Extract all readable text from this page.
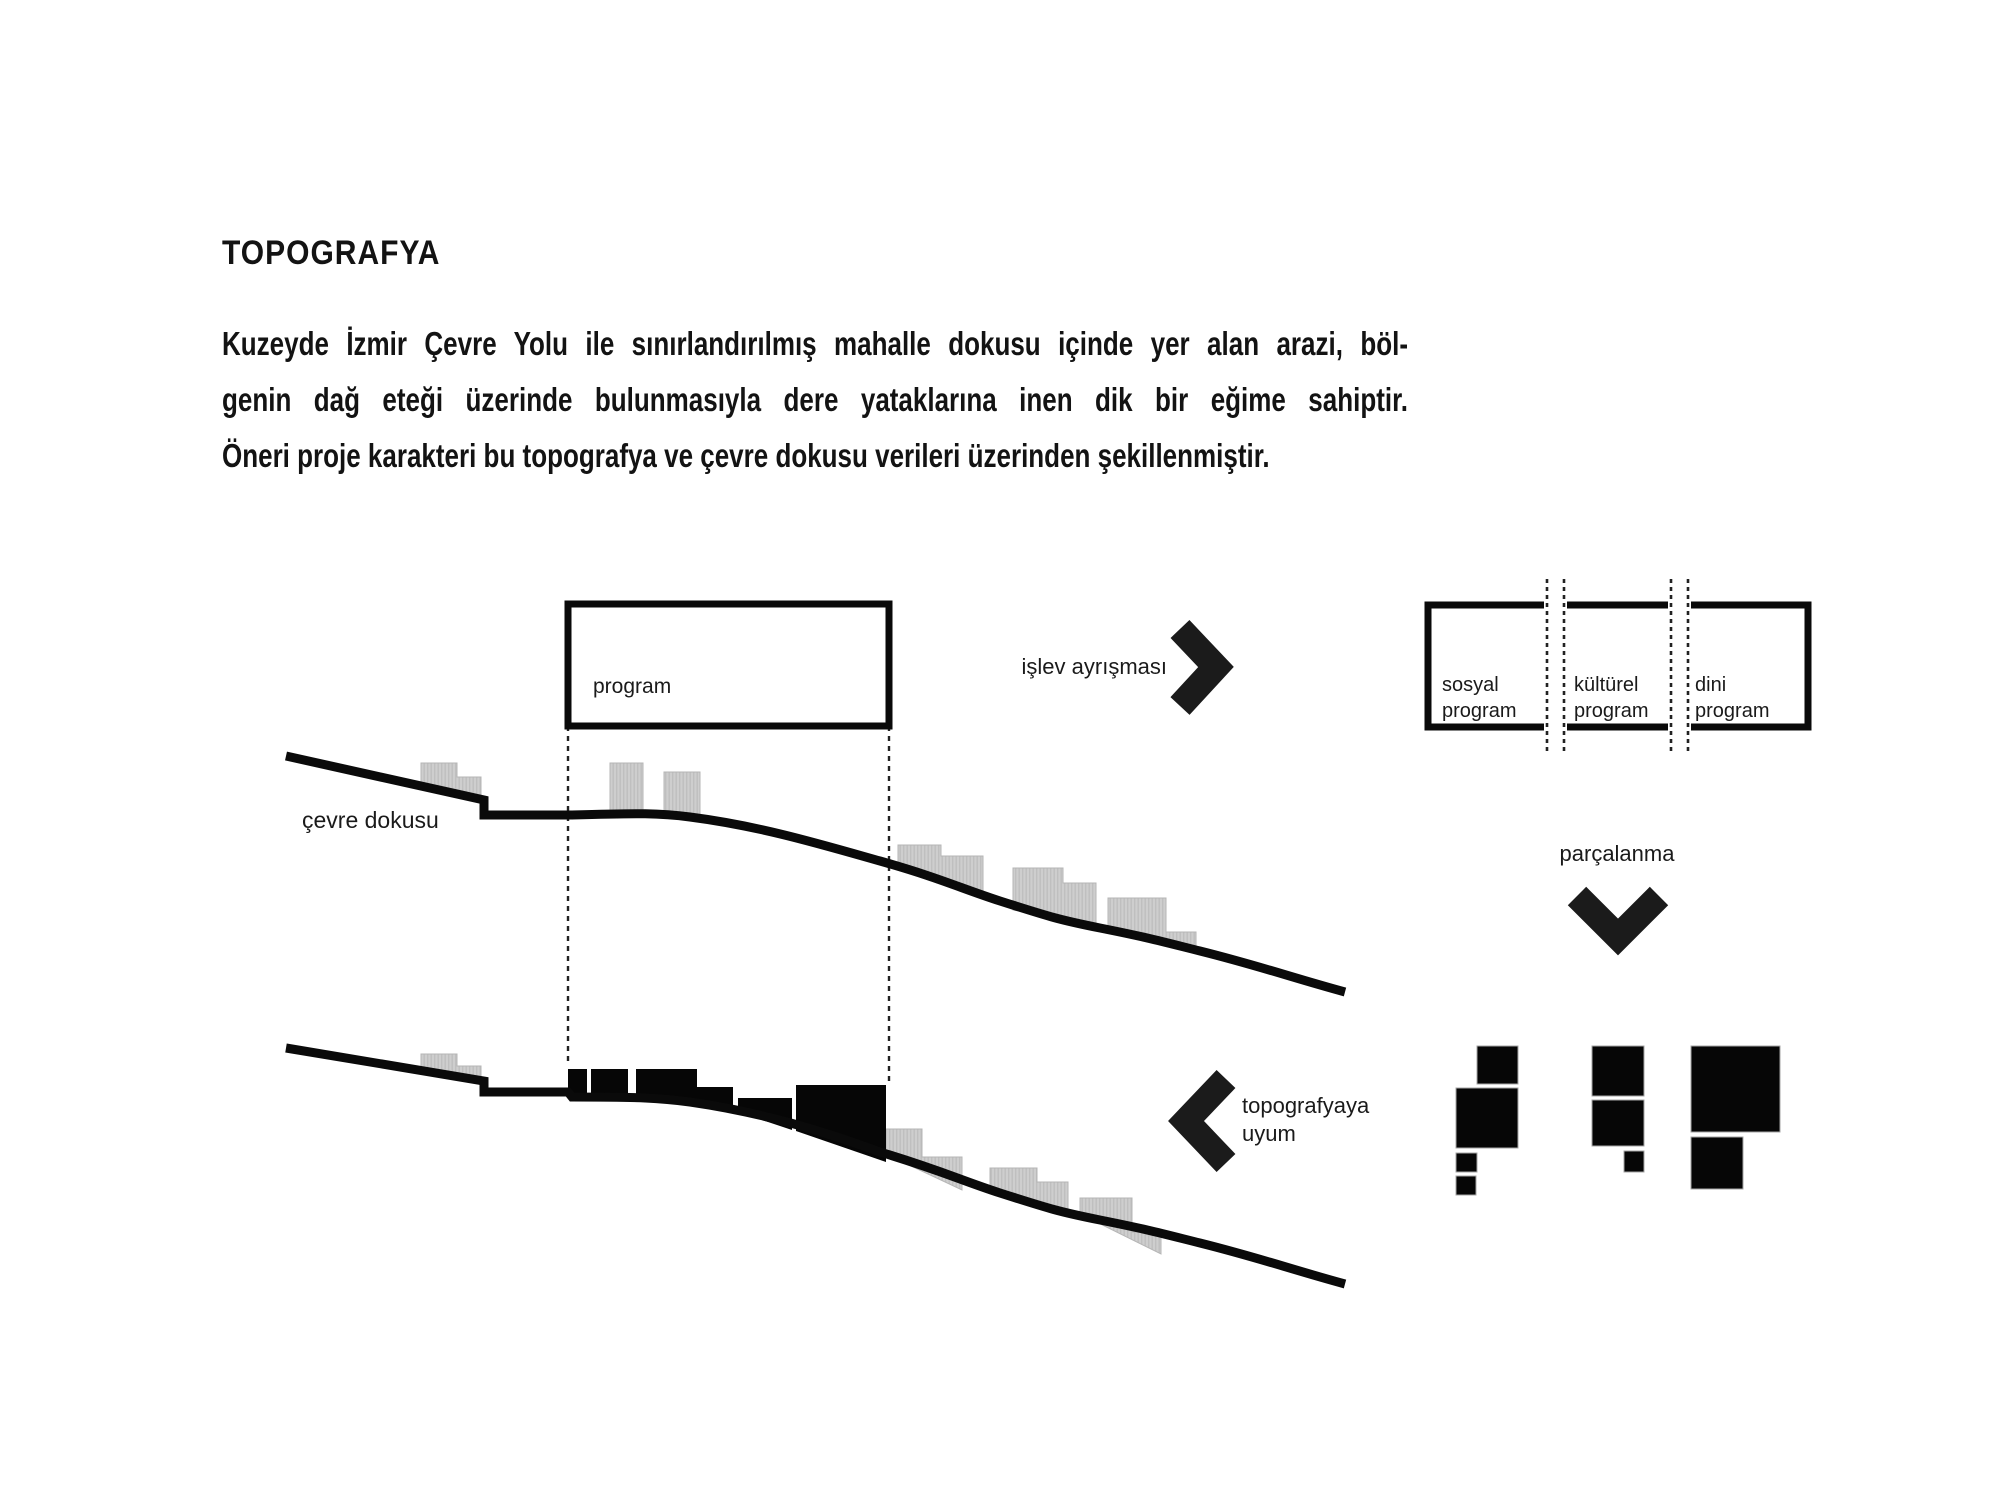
TOPOGRAFYA
Kuzeyde İzmir Çevre Yolu ile sınırlandırılmış mahalle dokusu içinde yer alan arazi, böl-
genin dağ eteği üzerinde bulunmasıyla dere yataklarına inen dik bir eğime sahiptir.
Öneri proje karakteri bu topografya ve çevre dokusu verileri üzerinden şekillenmiştir.
çevre dokusu
program
işlev ayrışması
sosyal
program
kültürel
program
dini
program
parçalanma
topografyaya
uyum
